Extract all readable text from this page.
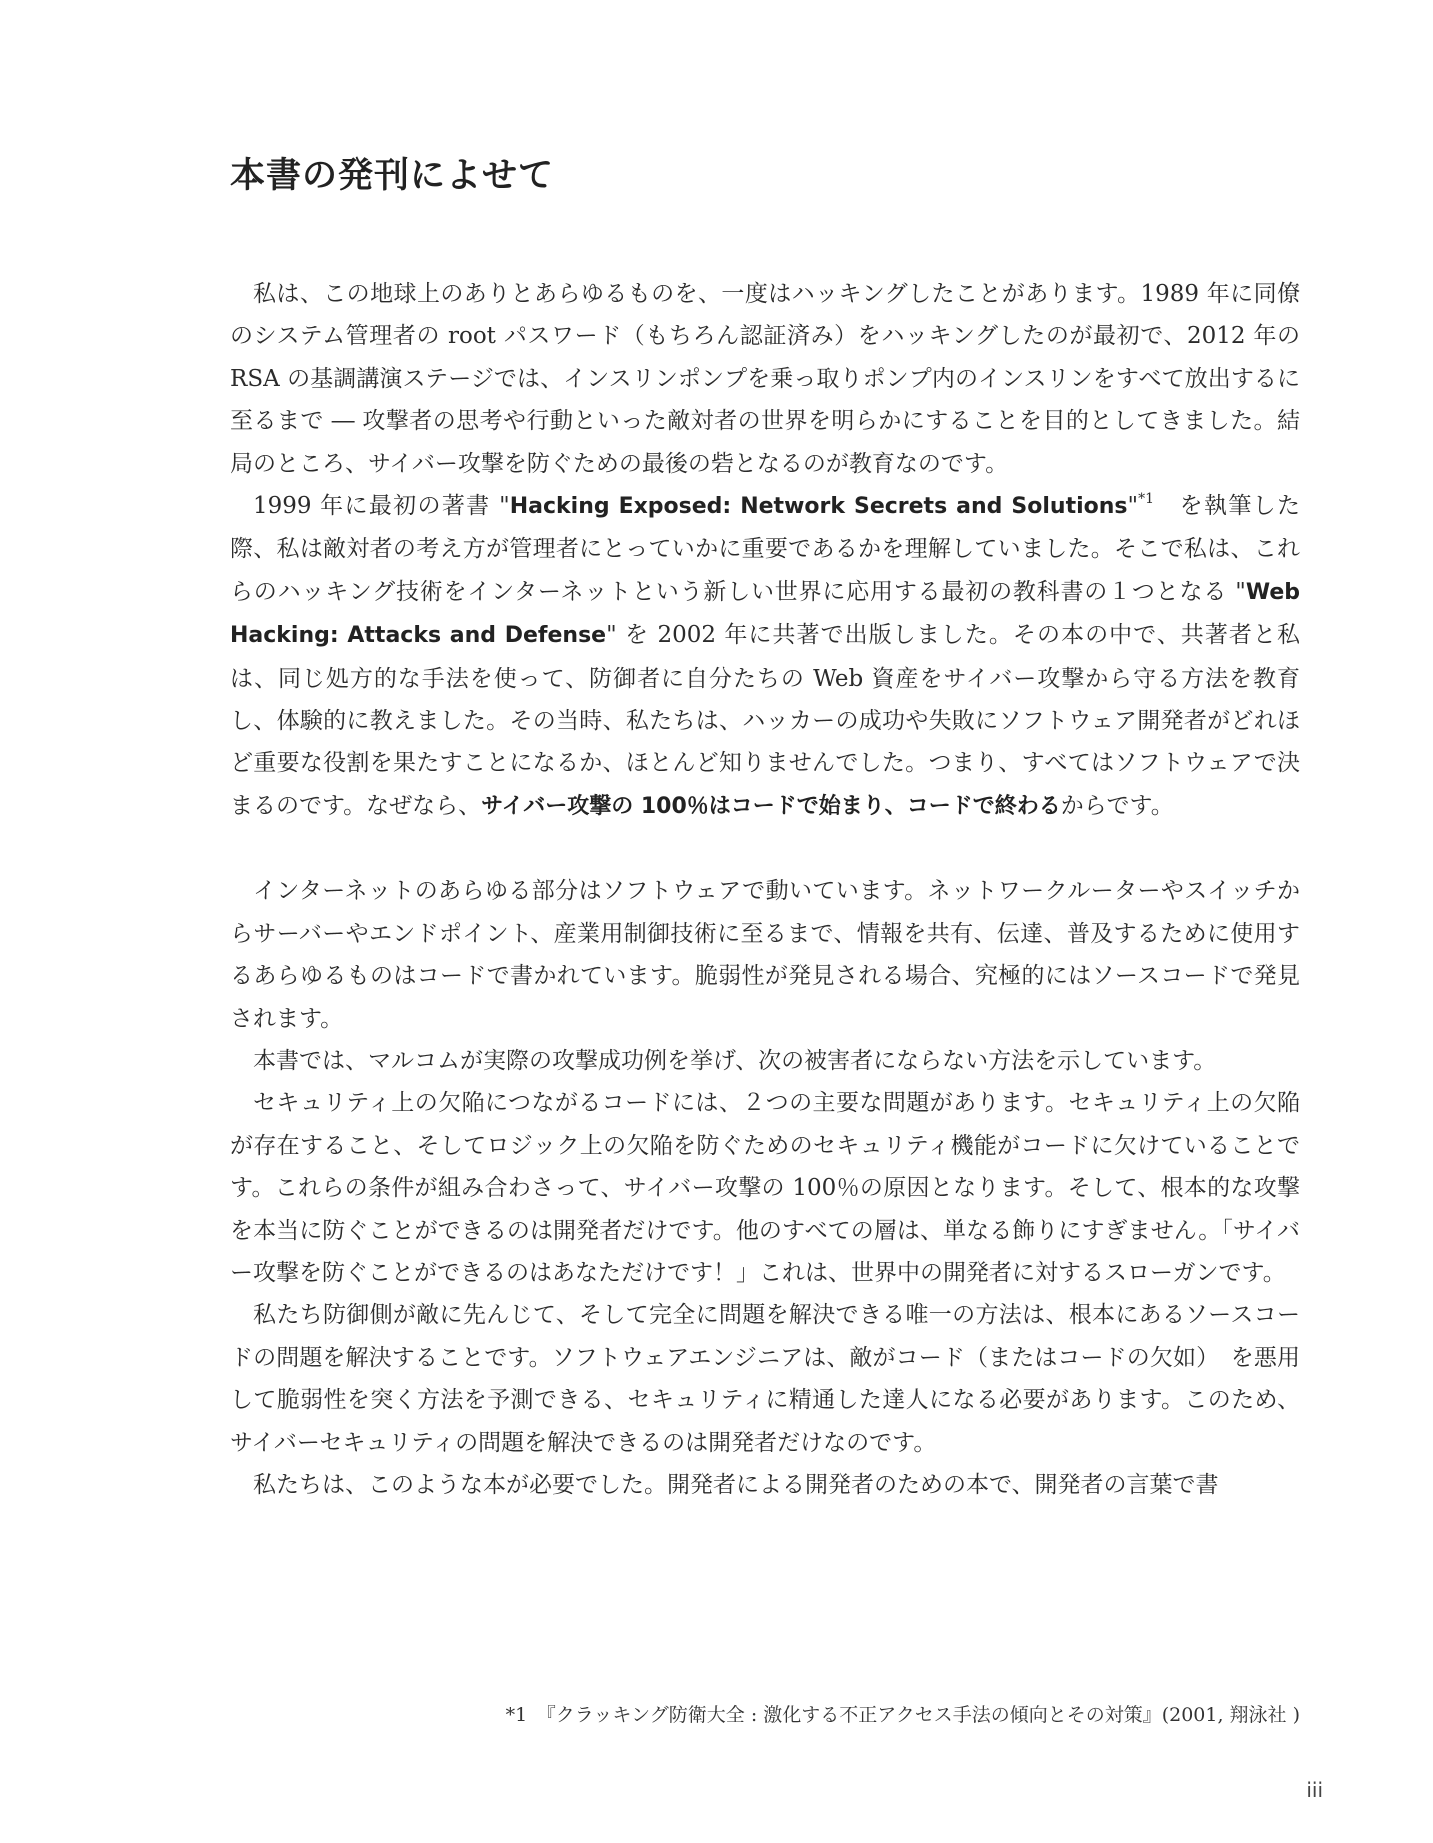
本書の発刊によせて

私は、この地球上のありとあらゆるものを、一度はハッキングしたことがあります。1989 年に同僚のシステム管理者の root パスワード（もちろん認証済み）をハッキングしたのが最初で、2012 年の RSA の基調講演ステージでは、インスリンポンプを乗っ取りポンプ内のインスリンをすべて放出するに至るまで ― 攻撃者の思考や行動といった敵対者の世界を明らかにすることを目的としてきました。結局のところ、サイバー攻撃を防ぐための最後の砦となるのが教育なのです。

1999 年に最初の著書 "Hacking Exposed: Network Secrets and Solutions"$^{*1}$　を執筆した際、私は敵対者の考え方が管理者にとっていかに重要であるかを理解していました。そこで私は、これらのハッキング技術をインターネットという新しい世界に応用する最初の教科書の１つとなる "Web Hacking: Attacks and Defense" を 2002 年に共著で出版しました。その本の中で、共著者と私は、同じ処方的な手法を使って、防御者に自分たちの Web 資産をサイバー攻撃から守る方法を教育し、体験的に教えました。その当時、私たちは、ハッカーの成功や失敗にソフトウェア開発者がどれほど重要な役割を果たすことになるか、ほとんど知りませんでした。つまり、すべてはソフトウェアで決まるのです。なぜなら、サイバー攻撃の 100％はコードで始まり、コードで終わるからです。

インターネットのあらゆる部分はソフトウェアで動いています。ネットワークルーターやスイッチからサーバーやエンドポイント、産業用制御技術に至るまで、情報を共有、伝達、普及するために使用するあらゆるものはコードで書かれています。脆弱性が発見される場合、究極的にはソースコードで発見されます。

本書では、マルコムが実際の攻撃成功例を挙げ、次の被害者にならない方法を示しています。

セキュリティ上の欠陥につながるコードには、２つの主要な問題があります。セキュリティ上の欠陥が存在すること、そしてロジック上の欠陥を防ぐためのセキュリティ機能がコードに欠けていることです。これらの条件が組み合わさって、サイバー攻撃の 100％の原因となります。そして、根本的な攻撃を本当に防ぐことができるのは開発者だけです。他のすべての層は、単なる飾りにすぎません。「サイバー攻撃を防ぐことができるのはあなただけです！」これは、世界中の開発者に対するスローガンです。

私たち防御側が敵に先んじて、そして完全に問題を解決できる唯一の方法は、根本にあるソースコードの問題を解決することです。ソフトウェアエンジニアは、敵がコード（またはコードの欠如）　を悪用して脆弱性を突く方法を予測できる、セキュリティに精通した達人になる必要があります。このため、サイバーセキュリティの問題を解決できるのは開発者だけなのです。

私たちは、このような本が必要でした。開発者による開発者のための本で、開発者の言葉で書

*1　『クラッキング防衛大全 : 激化する不正アクセス手法の傾向とその対策』(2001, 翔泳社 )
iii
